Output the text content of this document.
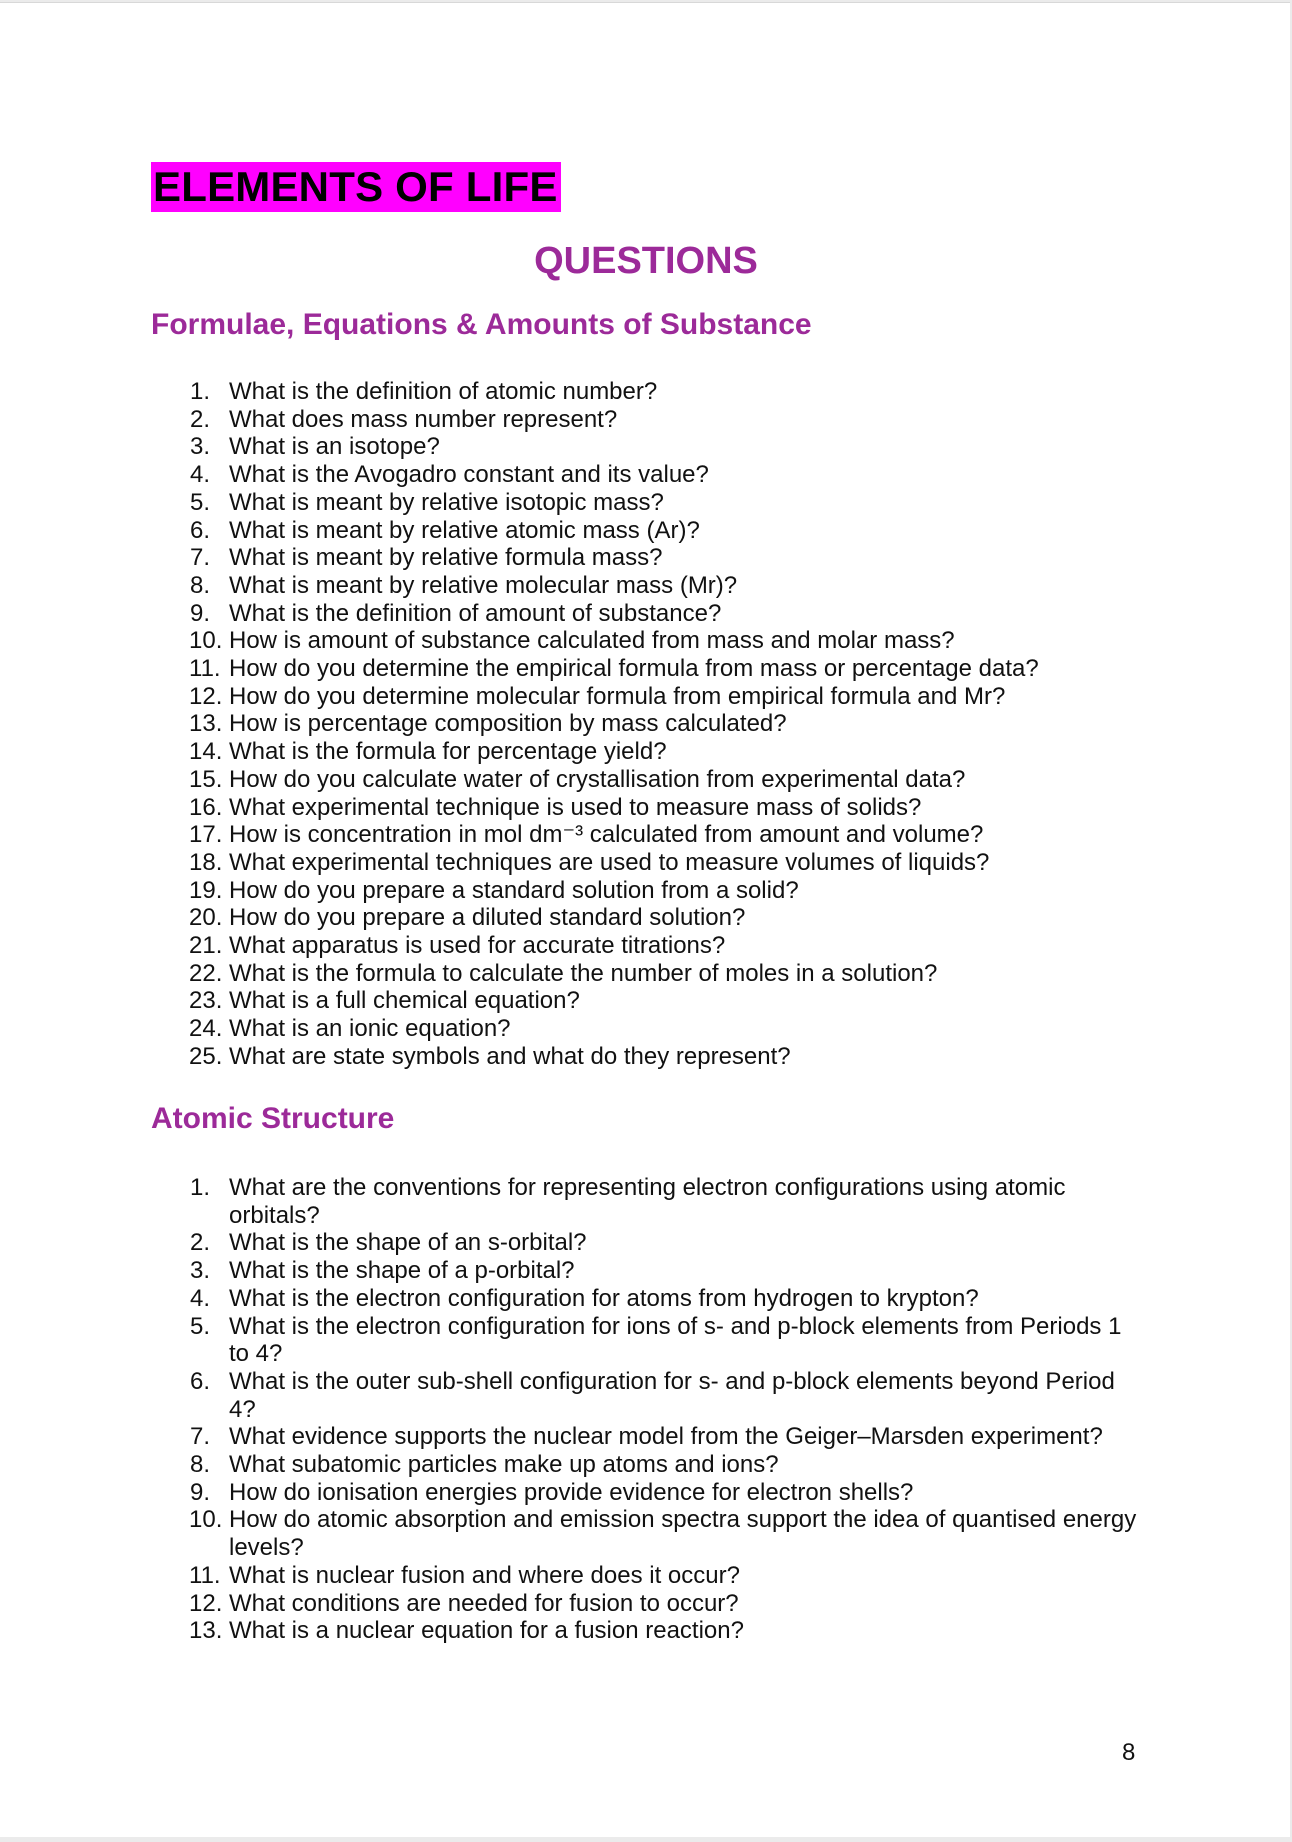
ELEMENTS OF LIFE
QUESTIONS
Formulae, Equations & Amounts of Substance
1. What is the definition of atomic number?
2. What does mass number represent?
3. What is an isotope?
4. What is the Avogadro constant and its value?
5. What is meant by relative isotopic mass?
6. What is meant by relative atomic mass (Ar)?
7. What is meant by relative formula mass?
8. What is meant by relative molecular mass (Mr)?
9. What is the definition of amount of substance?
10. How is amount of substance calculated from mass and molar mass?
11. How do you determine the empirical formula from mass or percentage data?
12. How do you determine molecular formula from empirical formula and Mr?
13. How is percentage composition by mass calculated?
14. What is the formula for percentage yield?
15. How do you calculate water of crystallisation from experimental data?
16. What experimental technique is used to measure mass of solids?
17. How is concentration in mol dm⁻³ calculated from amount and volume?
18. What experimental techniques are used to measure volumes of liquids?
19. How do you prepare a standard solution from a solid?
20. How do you prepare a diluted standard solution?
21. What apparatus is used for accurate titrations?
22. What is the formula to calculate the number of moles in a solution?
23. What is a full chemical equation?
24. What is an ionic equation?
25. What are state symbols and what do they represent?
Atomic Structure
1. What are the conventions for representing electron configurations using atomic orbitals?
2. What is the shape of an s-orbital?
3. What is the shape of a p-orbital?
4. What is the electron configuration for atoms from hydrogen to krypton?
5. What is the electron configuration for ions of s- and p-block elements from Periods 1 to 4?
6. What is the outer sub-shell configuration for s- and p-block elements beyond Period 4?
7. What evidence supports the nuclear model from the Geiger–Marsden experiment?
8. What subatomic particles make up atoms and ions?
9. How do ionisation energies provide evidence for electron shells?
10. How do atomic absorption and emission spectra support the idea of quantised energy levels?
11. What is nuclear fusion and where does it occur?
12. What conditions are needed for fusion to occur?
13. What is a nuclear equation for a fusion reaction?
8
